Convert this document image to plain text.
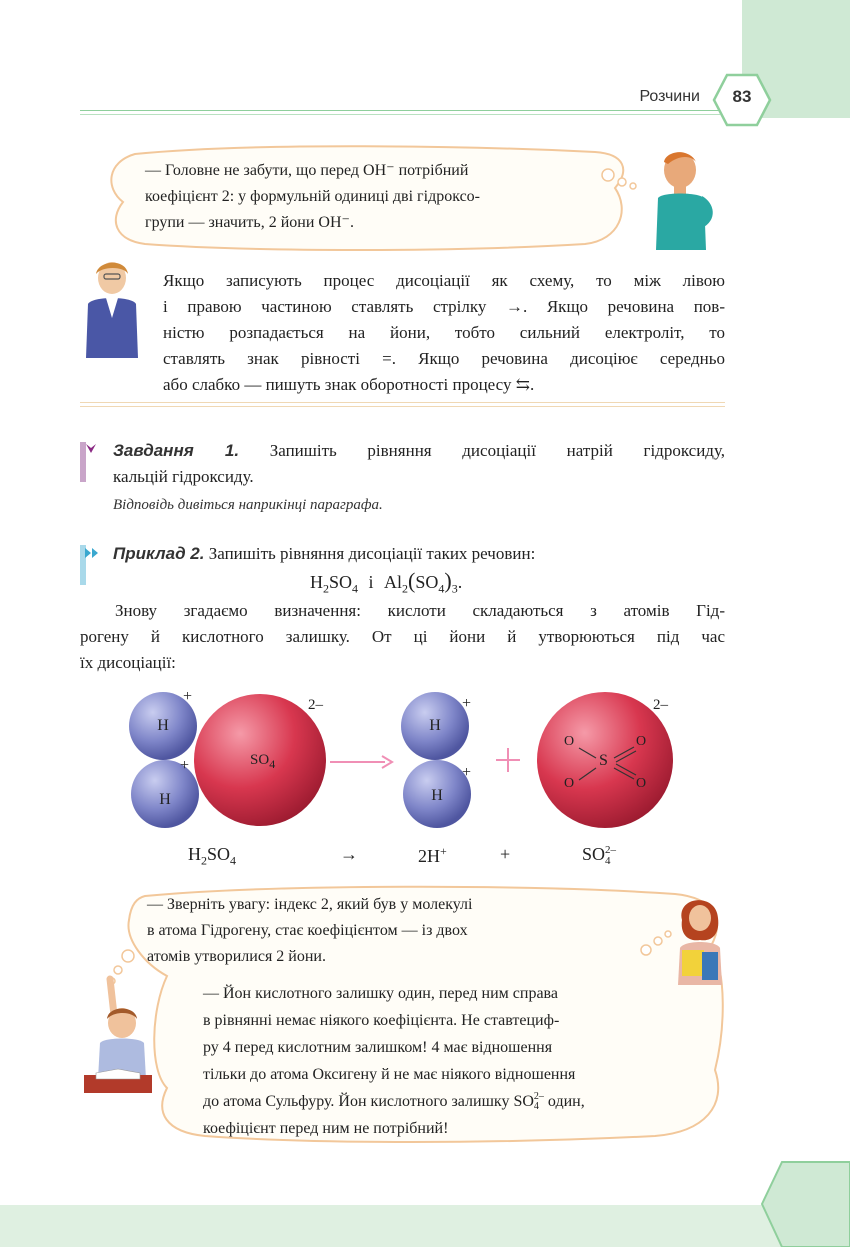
Розчини	83
— Головне не забути, що перед OH⁻ потрібний
коефіцієнт 2: у формульній одиниці дві гідроксо-
групи — значить, 2 йони OH⁻.
Якщо записують процес дисоціації як схему, то між лівою
і правою частиною ставлять стрілку →. Якщо речовина пов-
ністю розпадається на йони, тобто сильний електроліт, то
ставлять знак рівності =. Якщо речовина дисоціює середньо
або слабко — пишуть знак оборотності процесу ⇆.
Завдання 1. Запишіть рівняння дисоціації натрій гідроксиду,
кальцій гідроксиду.
Відповідь дивіться наприкінці параграфа.
Приклад 2. Запишіть рівняння дисоціації таких речовин:
$H_2SO_4$ і $Al_2(SO_4)_3$.
Знову згадаємо визначення: кислоти складаються з атомів Гід-
рогену й кислотного залишку. От ці йони й утворюються під час
їх дисоціації:
H
H
+
+	$SO_4$
2–
H
H
+
+
S
O
O
O
O
2–
$H_2SO_4$	→	2H+	+	SO 2–
4
— Зверніть увагу: індекс 2, який був у молекулі
в атома Гідрогену, стає коефіцієнтом — із двох
атомів утворилися 2 йони.
— Йон кислотного залишку один, перед ним справа
в рівнянні немає ніякого коефіцієнта. Не ставтециф-
ру 4 перед кислотним залишком! 4 має відношення
тільки до атома Оксигену й не має ніякого відношення
до атома Сульфуру. Йон кислотного залишку SO 2–
4 один,
коефіцієнт перед ним не потрібний!
